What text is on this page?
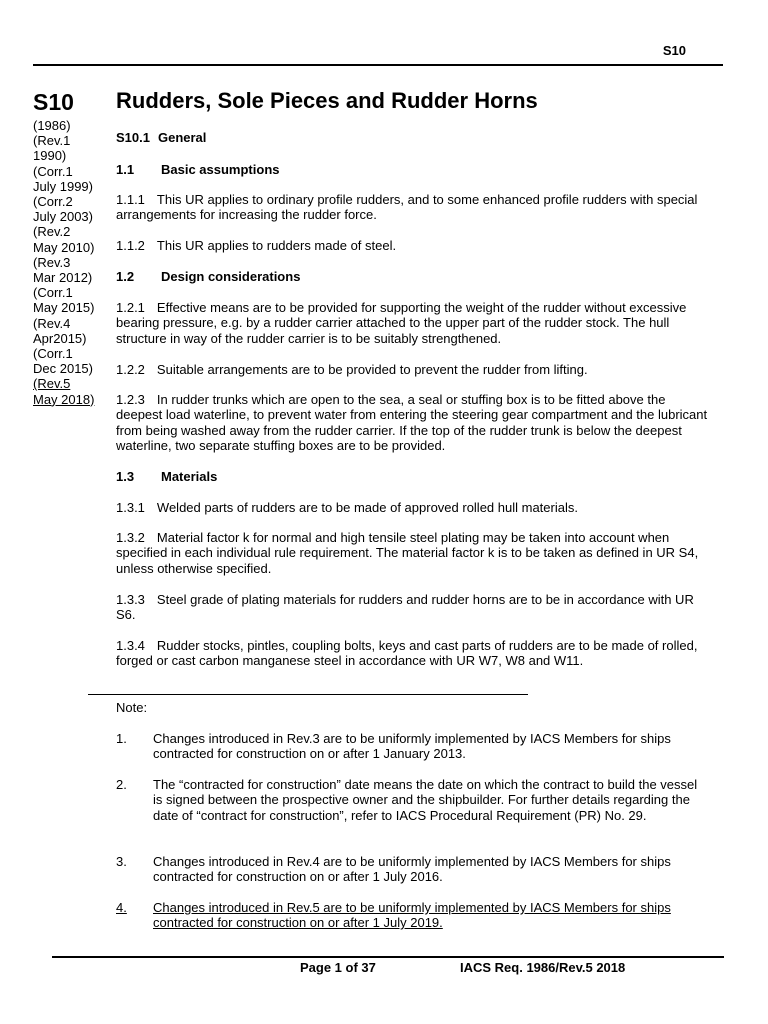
S10
S10
(1986)
(Rev.1
1990)
(Corr.1
July 1999)
(Corr.2
July 2003)
(Rev.2
May 2010)
(Rev.3
Mar 2012)
(Corr.1
May 2015)
(Rev.4
Apr2015)
(Corr.1
Dec 2015)
(Rev.5
May 2018)
Rudders, Sole Pieces and Rudder Horns
S10.1 General
1.1 Basic assumptions
1.1.1 This UR applies to ordinary profile rudders, and to some enhanced profile rudders with special arrangements for increasing the rudder force.
1.1.2 This UR applies to rudders made of steel.
1.2 Design considerations
1.2.1 Effective means are to be provided for supporting the weight of the rudder without excessive bearing pressure, e.g. by a rudder carrier attached to the upper part of the rudder stock. The hull structure in way of the rudder carrier is to be suitably strengthened.
1.2.2 Suitable arrangements are to be provided to prevent the rudder from lifting.
1.2.3 In rudder trunks which are open to the sea, a seal or stuffing box is to be fitted above the deepest load waterline, to prevent water from entering the steering gear compartment and the lubricant from being washed away from the rudder carrier. If the top of the rudder trunk is below the deepest waterline, two separate stuffing boxes are to be provided.
1.3 Materials
1.3.1 Welded parts of rudders are to be made of approved rolled hull materials.
1.3.2 Material factor k for normal and high tensile steel plating may be taken into account when specified in each individual rule requirement. The material factor k is to be taken as defined in UR S4, unless otherwise specified.
1.3.3 Steel grade of plating materials for rudders and rudder horns are to be in accordance with UR S6.
1.3.4 Rudder stocks, pintles, coupling bolts, keys and cast parts of rudders are to be made of rolled, forged or cast carbon manganese steel in accordance with UR W7, W8 and W11.
Note:
1.	Changes introduced in Rev.3 are to be uniformly implemented by IACS Members for ships contracted for construction on or after 1 January 2013.
2.	The “contracted for construction” date means the date on which the contract to build the vessel is signed between the prospective owner and the shipbuilder. For further details regarding the date of “contract for construction”, refer to IACS Procedural Requirement (PR) No. 29.
3.	Changes introduced in Rev.4 are to be uniformly implemented by IACS Members for ships contracted for construction on or after 1 July 2016.
4.	Changes introduced in Rev.5 are to be uniformly implemented by IACS Members for ships contracted for construction on or after 1 July 2019.
Page 1 of 37	IACS Req. 1986/Rev.5 2018
